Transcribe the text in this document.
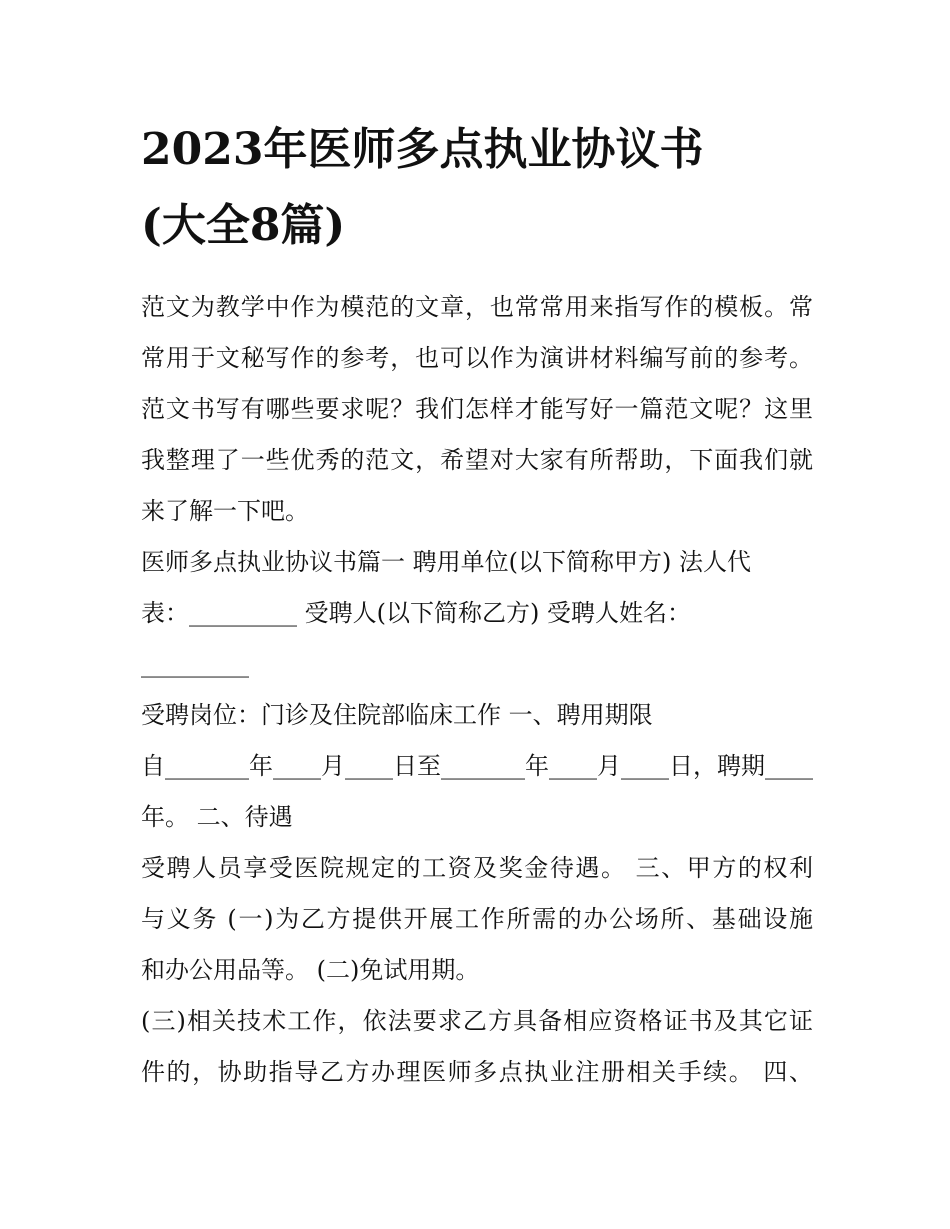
2023年医师多点执业协议书
(大全8篇)

范文为教学中作为模范的文章，也常常用来指写作的模板。常

常用于文秘写作的参考，也可以作为演讲材料编写前的参考。

范文书写有哪些要求呢？我们怎样才能写好一篇范文呢？这里

我整理了一些优秀的范文，希望对大家有所帮助，下面我们就

来了解一下吧。

医师多点执业协议书篇一 聘用单位(以下简称甲方) 法人代

表：_________ 受聘人(以下简称乙方) 受聘人姓名：

_________

受聘岗位：门诊及住院部临床工作 一、聘用期限

自_______年____月____日至_______年____月____日，聘期____

年。 二、待遇

受聘人员享受医院规定的工资及奖金待遇。 三、甲方的权利

与义务 (一)为乙方提供开展工作所需的办公场所、基础设施

和办公用品等。 (二)免试用期。

(三)相关技术工作，依法要求乙方具备相应资格证书及其它证

件的，协助指导乙方办理医师多点执业注册相关手续。 四、
